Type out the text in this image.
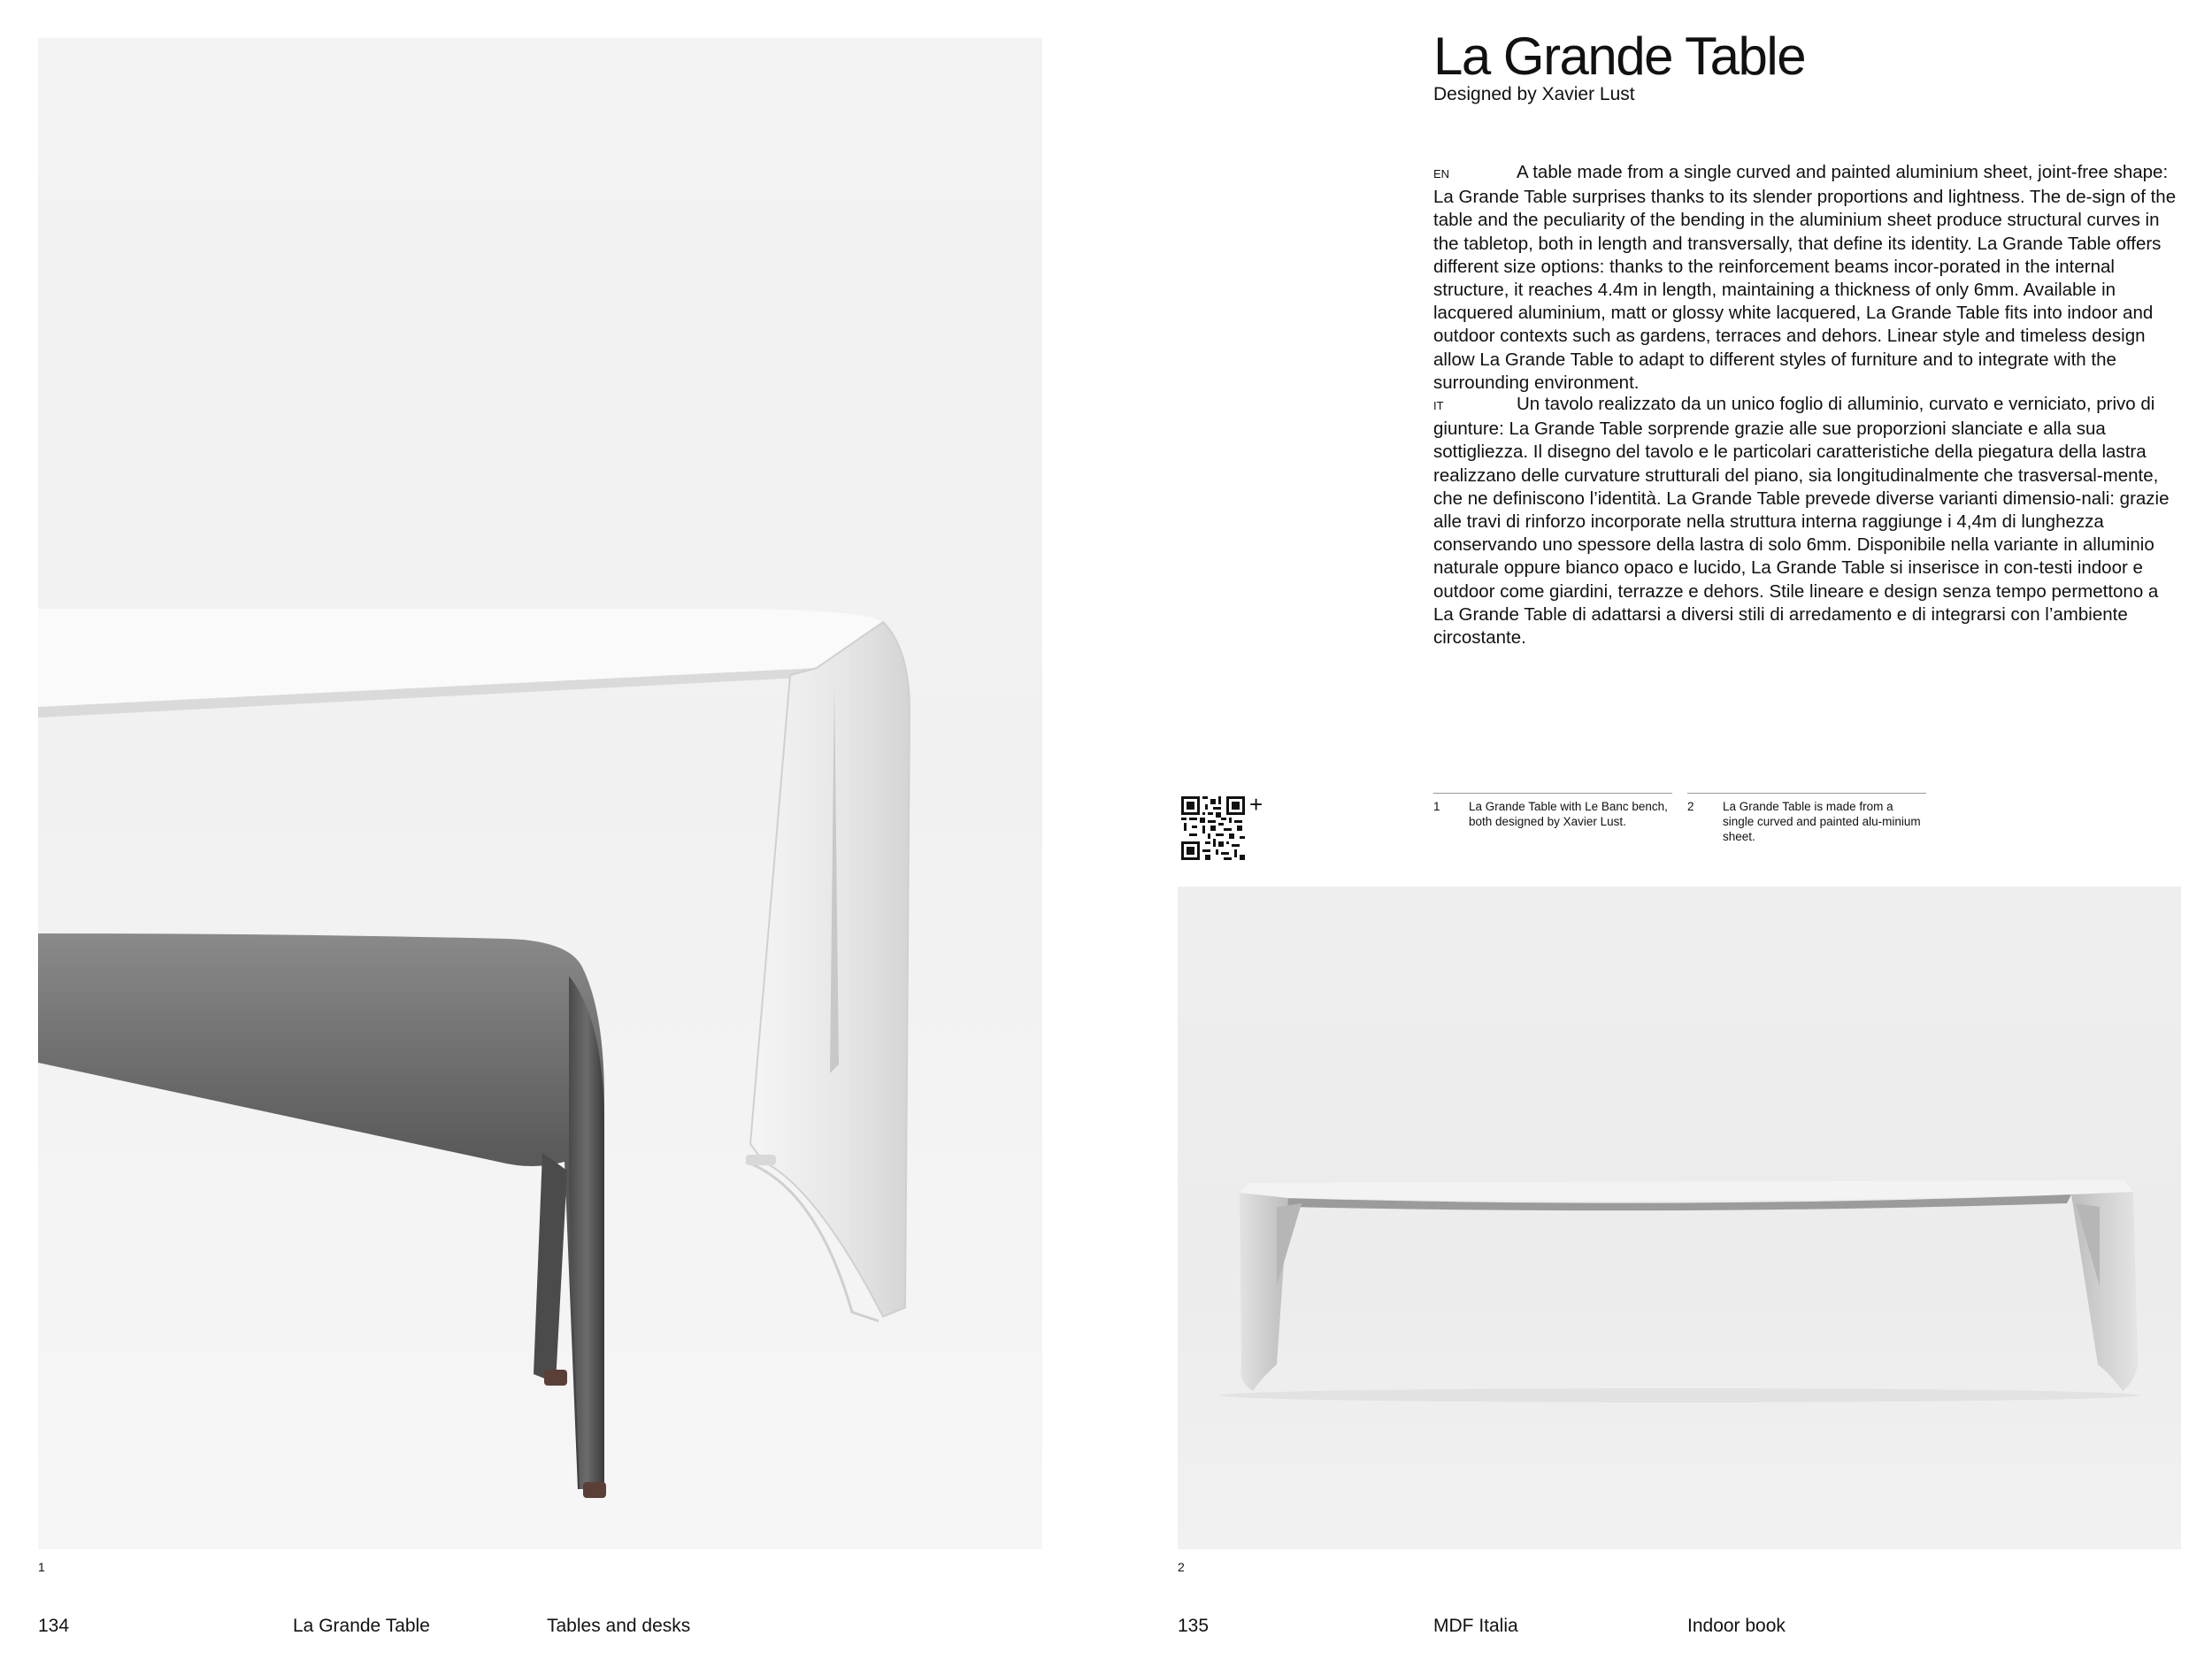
La Grande Table
Designed by Xavier Lust

EN	A table made from a single curved and painted aluminium sheet, joint-free shape: La Grande Table surprises thanks to its slender proportions and lightness. The de-sign of the table and the peculiarity of the bending in the aluminium sheet produce structural curves in the tabletop, both in length and transversally, that define its identity. La Grande Table offers different size options: thanks to the reinforcement beams incor-porated in the internal structure, it reaches 4.4m in length, maintaining a thickness of only 6mm. Available in lacquered aluminium, matt or glossy white lacquered, La Grande Table fits into indoor and outdoor contexts such as gardens, terraces and dehors. Linear style and timeless design allow La Grande Table to adapt to different styles of furniture and to integrate with the surrounding environment.

IT	Un tavolo realizzato da un unico foglio di alluminio, curvato e verniciato, privo di giunture: La Grande Table sorprende grazie alle sue proporzioni slanciate e alla sua sottigliezza. Il disegno del tavolo e le particolari caratteristiche della piegatura della lastra realizzano delle curvature strutturali del piano, sia longitudinalmente che trasversal-mente, che ne definiscono l’identità. La Grande Table prevede diverse varianti dimensio-nali: grazie alle travi di rinforzo incorporate nella struttura interna raggiunge i 4,4m di lunghezza conservando uno spessore della lastra di solo 6mm. Disponibile nella variante in alluminio naturale oppure bianco opaco e lucido, La Grande Table si inserisce in con-testi indoor e outdoor come giardini, terrazze e dehors. Stile lineare e design senza tempo permettono a La Grande Table di adattarsi a diversi stili di arredamento e di integrarsi con l’ambiente circostante.

+	1 La Grande Table with Le Banc bench, both designed by Xavier Lust.
2 La Grande Table is made from a single curved and painted alu-minium sheet.
1	2
134	La Grande Table	Tables and desks	135	MDF Italia	Indoor book
